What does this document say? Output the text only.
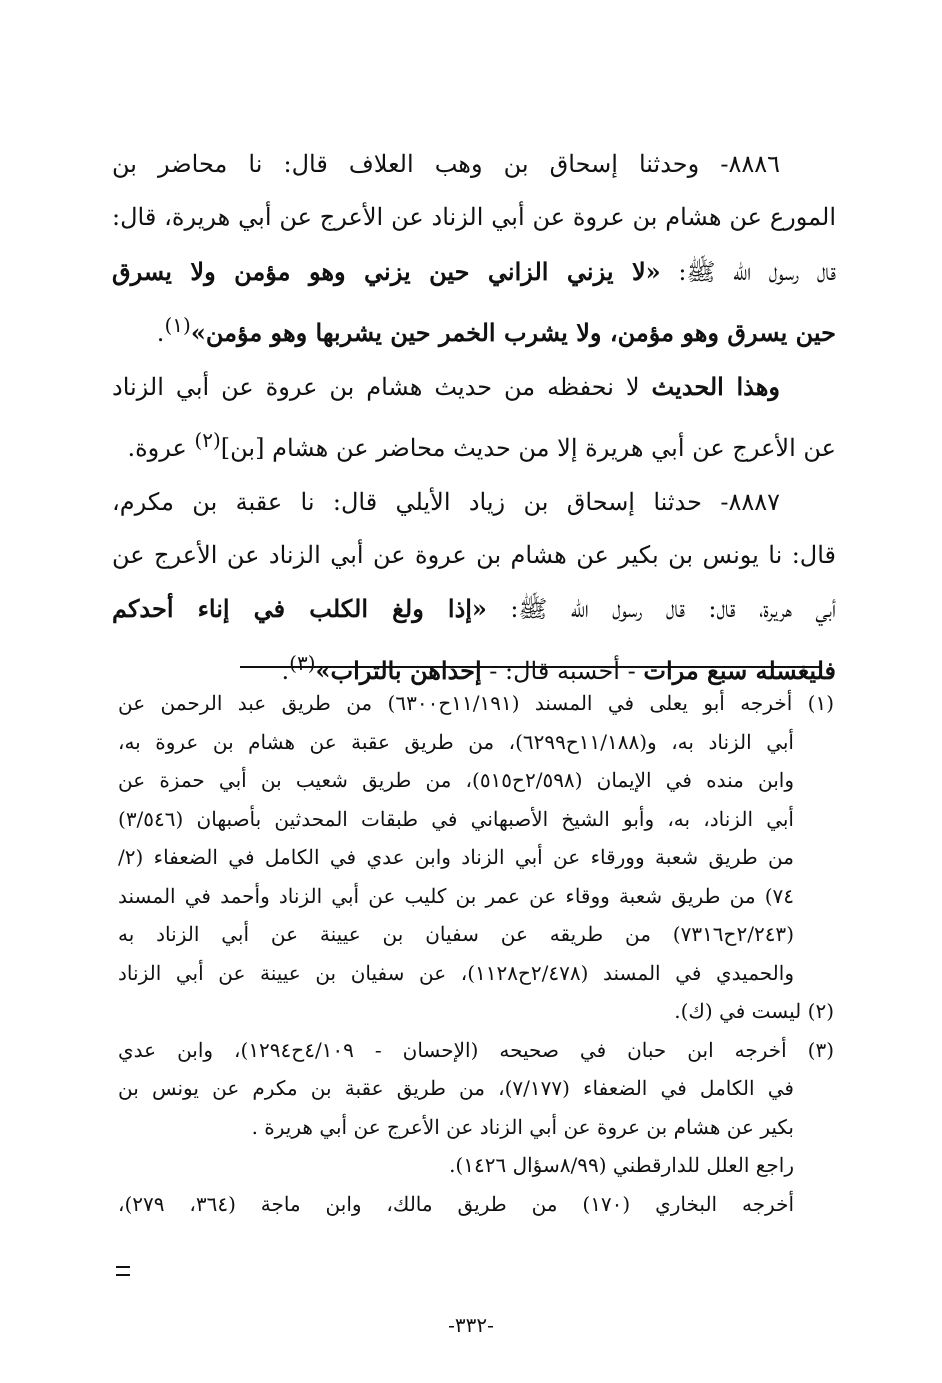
٨٨٨٦- وحدثنا إسحاق بن وهب العلاف قال: نا محاضر بن
المورع عن هشام بن عروة عن أبي الزناد عن الأعرج عن أبي هريرة، قال:
قال رسول الله ﷺ: «لا يزني الزاني حين يزني وهو مؤمن ولا يسرق
حين يسرق وهو مؤمن، ولا يشرب الخمر حين يشربها وهو مؤمن»$^{(١)}$.

وهذا الحديث لا نحفظه من حديث هشام بن عروة عن أبي الزناد
عن الأعرج عن أبي هريرة إلا من حديث محاضر عن هشام [بن]$^{(٢)}$ عروة.

٨٨٨٧- حدثنا إسحاق بن زياد الأيلي قال: نا عقبة بن مكرم،
قال: نا يونس بن بكير عن هشام بن عروة عن أبي الزناد عن الأعرج عن
أبي هريرة، قال: قال رسول الله ﷺ: «إذا ولغ الكلب في إناء أحدكم
فليغسله سبع مرات - أحسبه قال: - إحداهن بالتراب»$^{(٣)}$.

(١) أخرجه أبو يعلى في المسند (١١/١٩١ح٦٣٠٠) من طريق عبد الرحمن عن
أبي الزناد به، و(١١/١٨٨ح٦٢٩٩)، من طريق عقبة عن هشام بن عروة به،
وابن منده في الإيمان (٢/٥٩٨ح٥١٥)، من طريق شعيب بن أبي حمزة عن
أبي الزناد، به، وأبو الشيخ الأصبهاني في طبقات المحدثين بأصبهان (٣/٥٤٦)
من طريق شعبة وورقاء عن أبي الزناد وابن عدي في الكامل في الضعفاء (٢/
٧٤) من طريق شعبة ووقاء عن عمر بن كليب عن أبي الزناد وأحمد في المسند
(٢/٢٤٣ح٧٣١٦) من طريقه عن سفيان بن عيينة عن أبي الزناد به
والحميدي في المسند (٢/٤٧٨ح١١٢٨)، عن سفيان بن عيينة عن أبي الزناد

(٢) ليست في (ك).

(٣) أخرجه ابن حبان في صحيحه (الإحسان - ٤/١٠٩ح١٢٩٤)، وابن عدي
في الكامل في الضعفاء (٧/١٧٧)، من طريق عقبة بن مكرم عن يونس بن
بكير عن هشام بن عروة عن أبي الزناد عن الأعرج عن أبي هريرة .
راجع العلل للدارقطني (٨/٩٩سؤال ١٤٢٦).
أخرجه البخاري (١٧٠) من طريق مالك، وابن ماجة (٣٦٤، ٢٧٩)،

-٣٣٢-
